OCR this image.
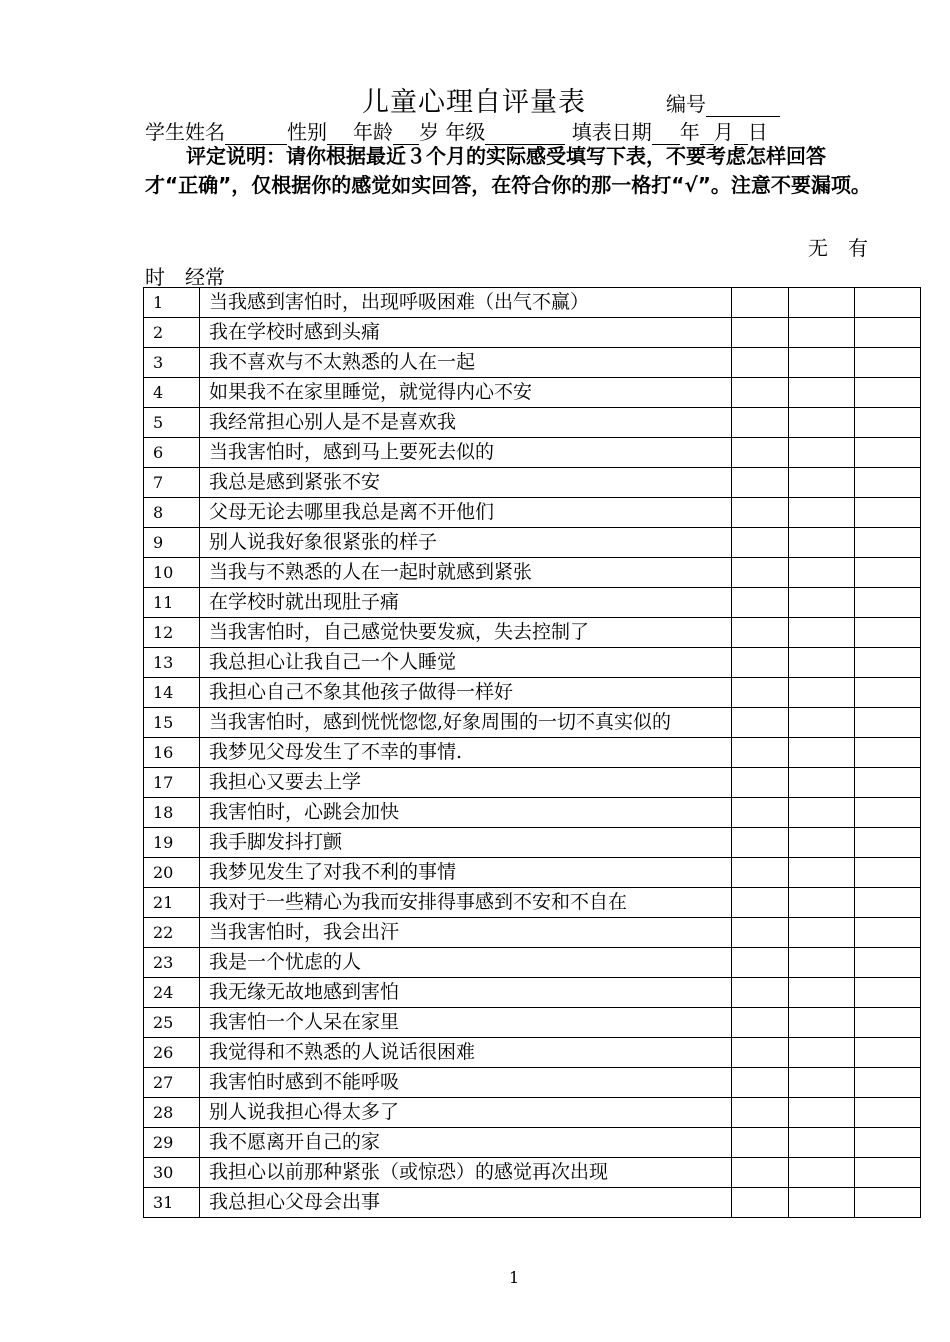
儿童心理自评量表	编号
学生姓名	性别 年龄 岁 年级	填表日期 年 月 日
评定说明：请你根据最近３个月的实际感受填写下表，不要考虑怎样回答才“正确”，仅根据你的感觉如实回答，在符合你的那一格打“√”。注意不要漏项。
无　有
时　经常
1	当我感到害怕时，出现呼吸困难（出气不赢）			
2	我在学校时感到头痛			
3	我不喜欢与不太熟悉的人在一起			
4	如果我不在家里睡觉，就觉得内心不安			
5	我经常担心别人是不是喜欢我			
6	当我害怕时，感到马上要死去似的			
7	我总是感到紧张不安			
8	父母无论去哪里我总是离不开他们			
9	别人说我好象很紧张的样子			
10	当我与不熟悉的人在一起时就感到紧张			
11	在学校时就出现肚子痛			
12	当我害怕时，自己感觉快要发疯，失去控制了			
13	我总担心让我自己一个人睡觉			
14	我担心自己不象其他孩子做得一样好			
15	当我害怕时，感到恍恍惚惚,好象周围的一切不真实似的			
16	我梦见父母发生了不幸的事情.			
17	我担心又要去上学			
18	我害怕时，心跳会加快			
19	我手脚发抖打颤			
20	我梦见发生了对我不利的事情			
21	我对于一些精心为我而安排得事感到不安和不自在			
22	当我害怕时，我会出汗			
23	我是一个忧虑的人			
24	我无缘无故地感到害怕			
25	我害怕一个人呆在家里			
26	我觉得和不熟悉的人说话很困难			
27	我害怕时感到不能呼吸			
28	别人说我担心得太多了			
29	我不愿离开自己的家			
30	我担心以前那种紧张（或惊恐）的感觉再次出现			
31	我总担心父母会出事			
1
